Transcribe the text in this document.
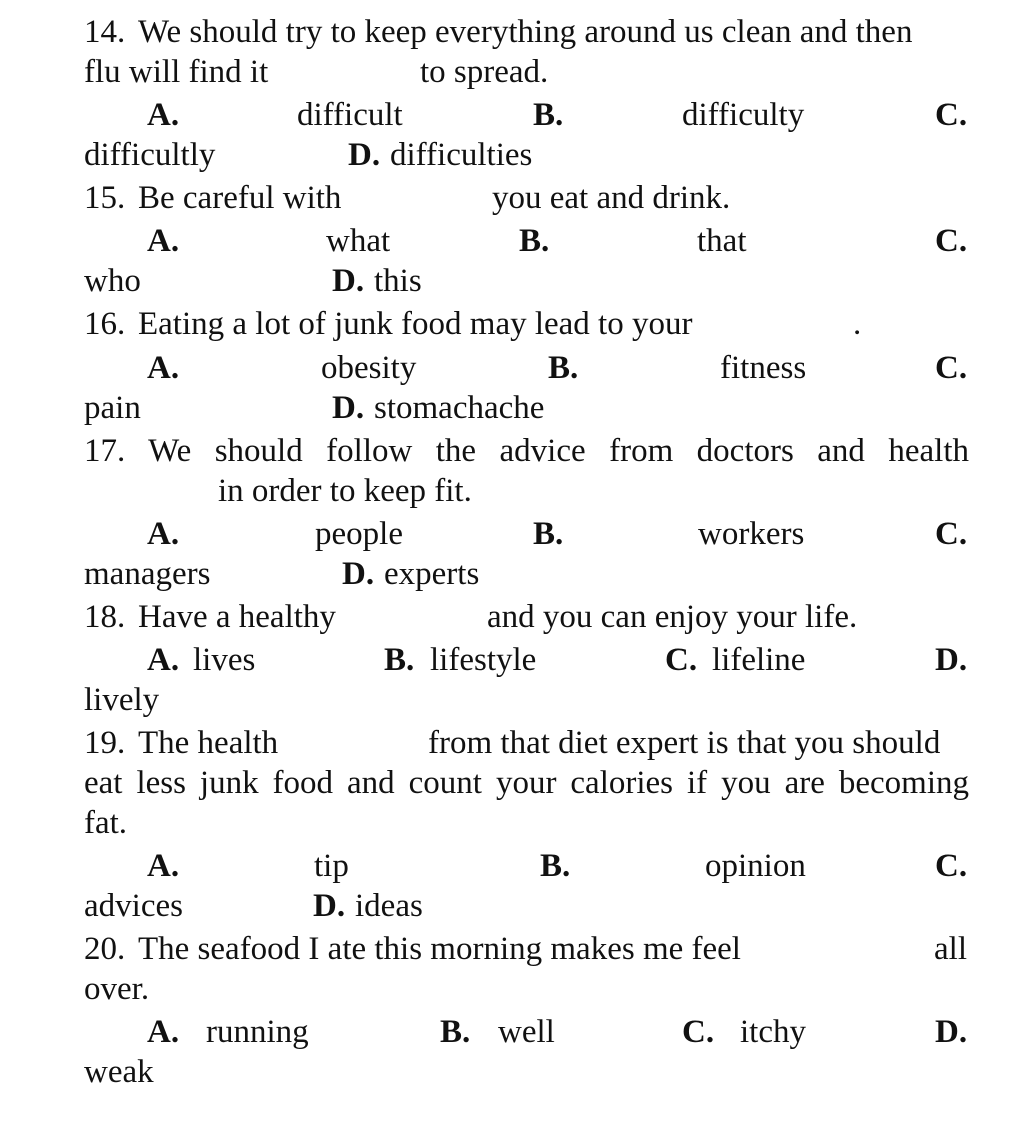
14. We should try to keep everything around us clean and then
flu will find it	to spread.
A.	difficult	B.	difficulty	C.
difficultly	D. difficulties
15. Be careful with	you eat and drink.
A.	what	B.	that	C.
who	D. this
16. Eating a lot of junk food may lead to your	.
A.	obesity	B.	fitness	C.
pain	D. stomachache
17. We should follow the advice from doctors and health
in order to keep fit.
A.	people	B.	workers	C.
managers	D. experts
18. Have a healthy	and you can enjoy your life.
A. lives	B. lifestyle	C. lifeline	D.
lively
19. The health	from that diet expert is that you should
eat less junk food and count your calories if you are becoming
fat.
A.	tip	B.	opinion	C.
advices	D. ideas
20. The seafood I ate this morning makes me feel	all
over.
A. running	B. well	C. itchy	D.
weak
